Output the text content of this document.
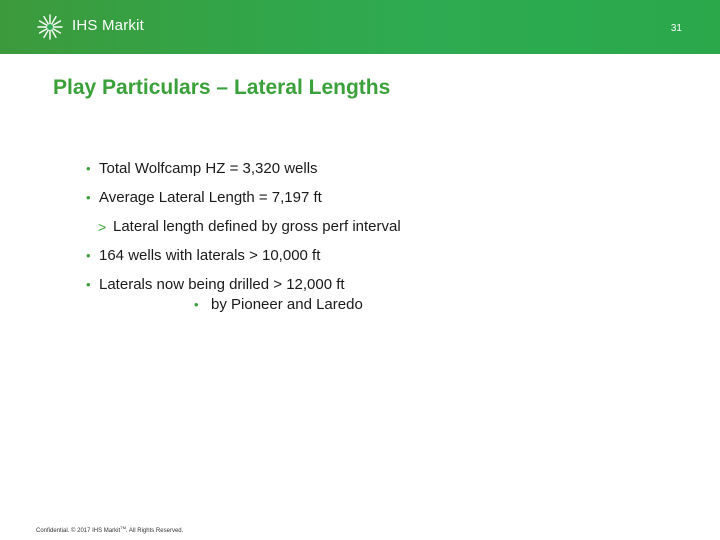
IHS Markit	31
Play Particulars – Lateral Lengths
• Total Wolfcamp HZ = 3,320 wells
• Average Lateral Length = 7,197 ft
> Lateral length defined by gross perf interval
• 164 wells with laterals > 10,000 ft
• Laterals now being drilled > 12,000 ft
• by Pioneer and Laredo
Confidential. © 2017 IHS Markit™. All Rights Reserved.
